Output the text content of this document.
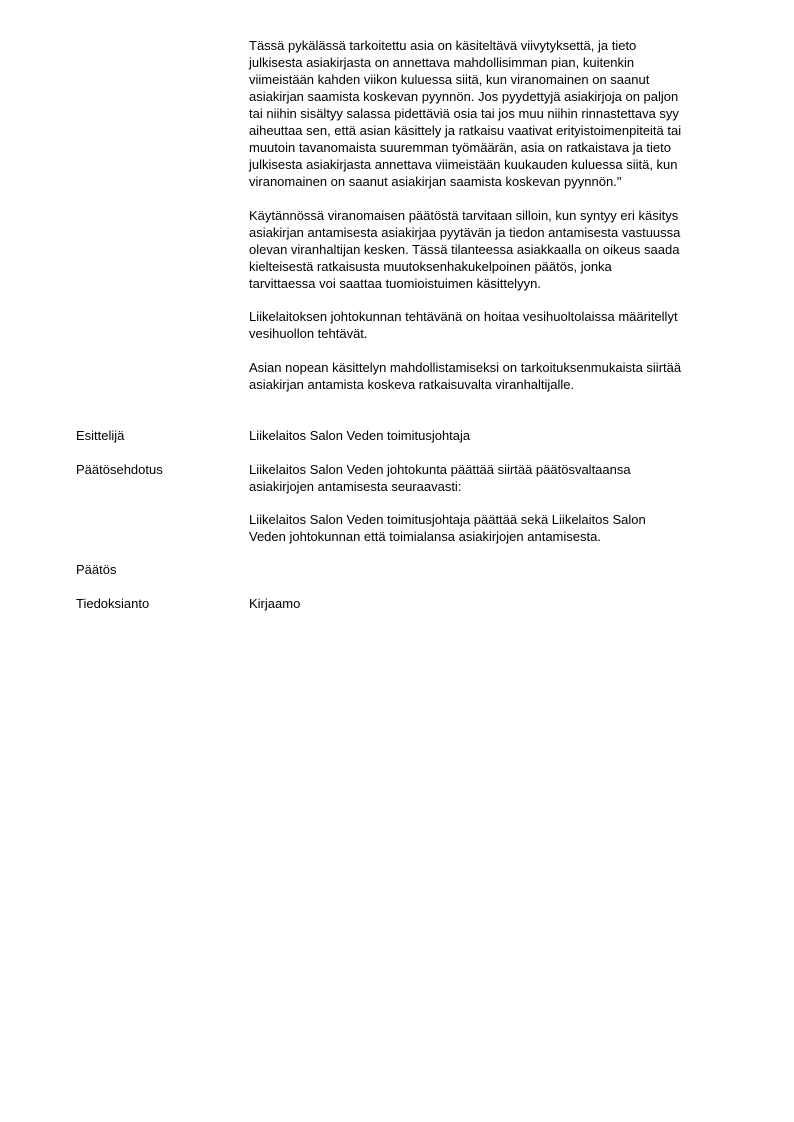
Tässä pykälässä tarkoitettu asia on käsiteltävä viivytyksettä, ja tieto
julkisesta asiakirjasta on annettava mahdollisimman pian, kuitenkin
viimeistään kahden viikon kuluessa siitä, kun viranomainen on saanut
asiakirjan saamista koskevan pyynnön. Jos pyydettyjä asiakirjoja on paljon
tai niihin sisältyy salassa pidettäviä osia tai jos muu niihin rinnastettava syy
aiheuttaa sen, että asian käsittely ja ratkaisu vaativat erityistoimenpiteitä tai
muutoin tavanomaista suuremman työmäärän, asia on ratkaistava ja tieto
julkisesta asiakirjasta annettava viimeistään kuukauden kuluessa siitä, kun
viranomainen on saanut asiakirjan saamista koskevan pyynnön."
Käytännössä viranomaisen päätöstä tarvitaan silloin, kun syntyy eri käsitys
asiakirjan antamisesta asiakirjaa pyytävän ja tiedon antamisesta vastuussa
olevan viranhaltijan kesken. Tässä tilanteessa asiakkaalla on oikeus saada
kielteisestä ratkaisusta muutoksenhakukelpoinen päätös, jonka
tarvittaessa voi saattaa tuomioistuimen käsittelyyn.
Liikelaitoksen johtokunnan tehtävänä on hoitaa vesihuoltolaissa määritellyt
vesihuollon tehtävät.
Asian nopean käsittelyn mahdollistamiseksi on tarkoituksenmukaista siirtää
asiakirjan antamista koskeva ratkaisuvalta viranhaltijalle.
Esittelijä	Liikelaitos Salon Veden toimitusjohtaja
Päätösehdotus	Liikelaitos Salon Veden johtokunta päättää siirtää päätösvaltaansa
asiakirjojen antamisesta seuraavasti:
Liikelaitos Salon Veden toimitusjohtaja päättää sekä Liikelaitos Salon
Veden johtokunnan että toimialansa asiakirjojen antamisesta.
Päätös
Tiedoksianto	Kirjaamo
